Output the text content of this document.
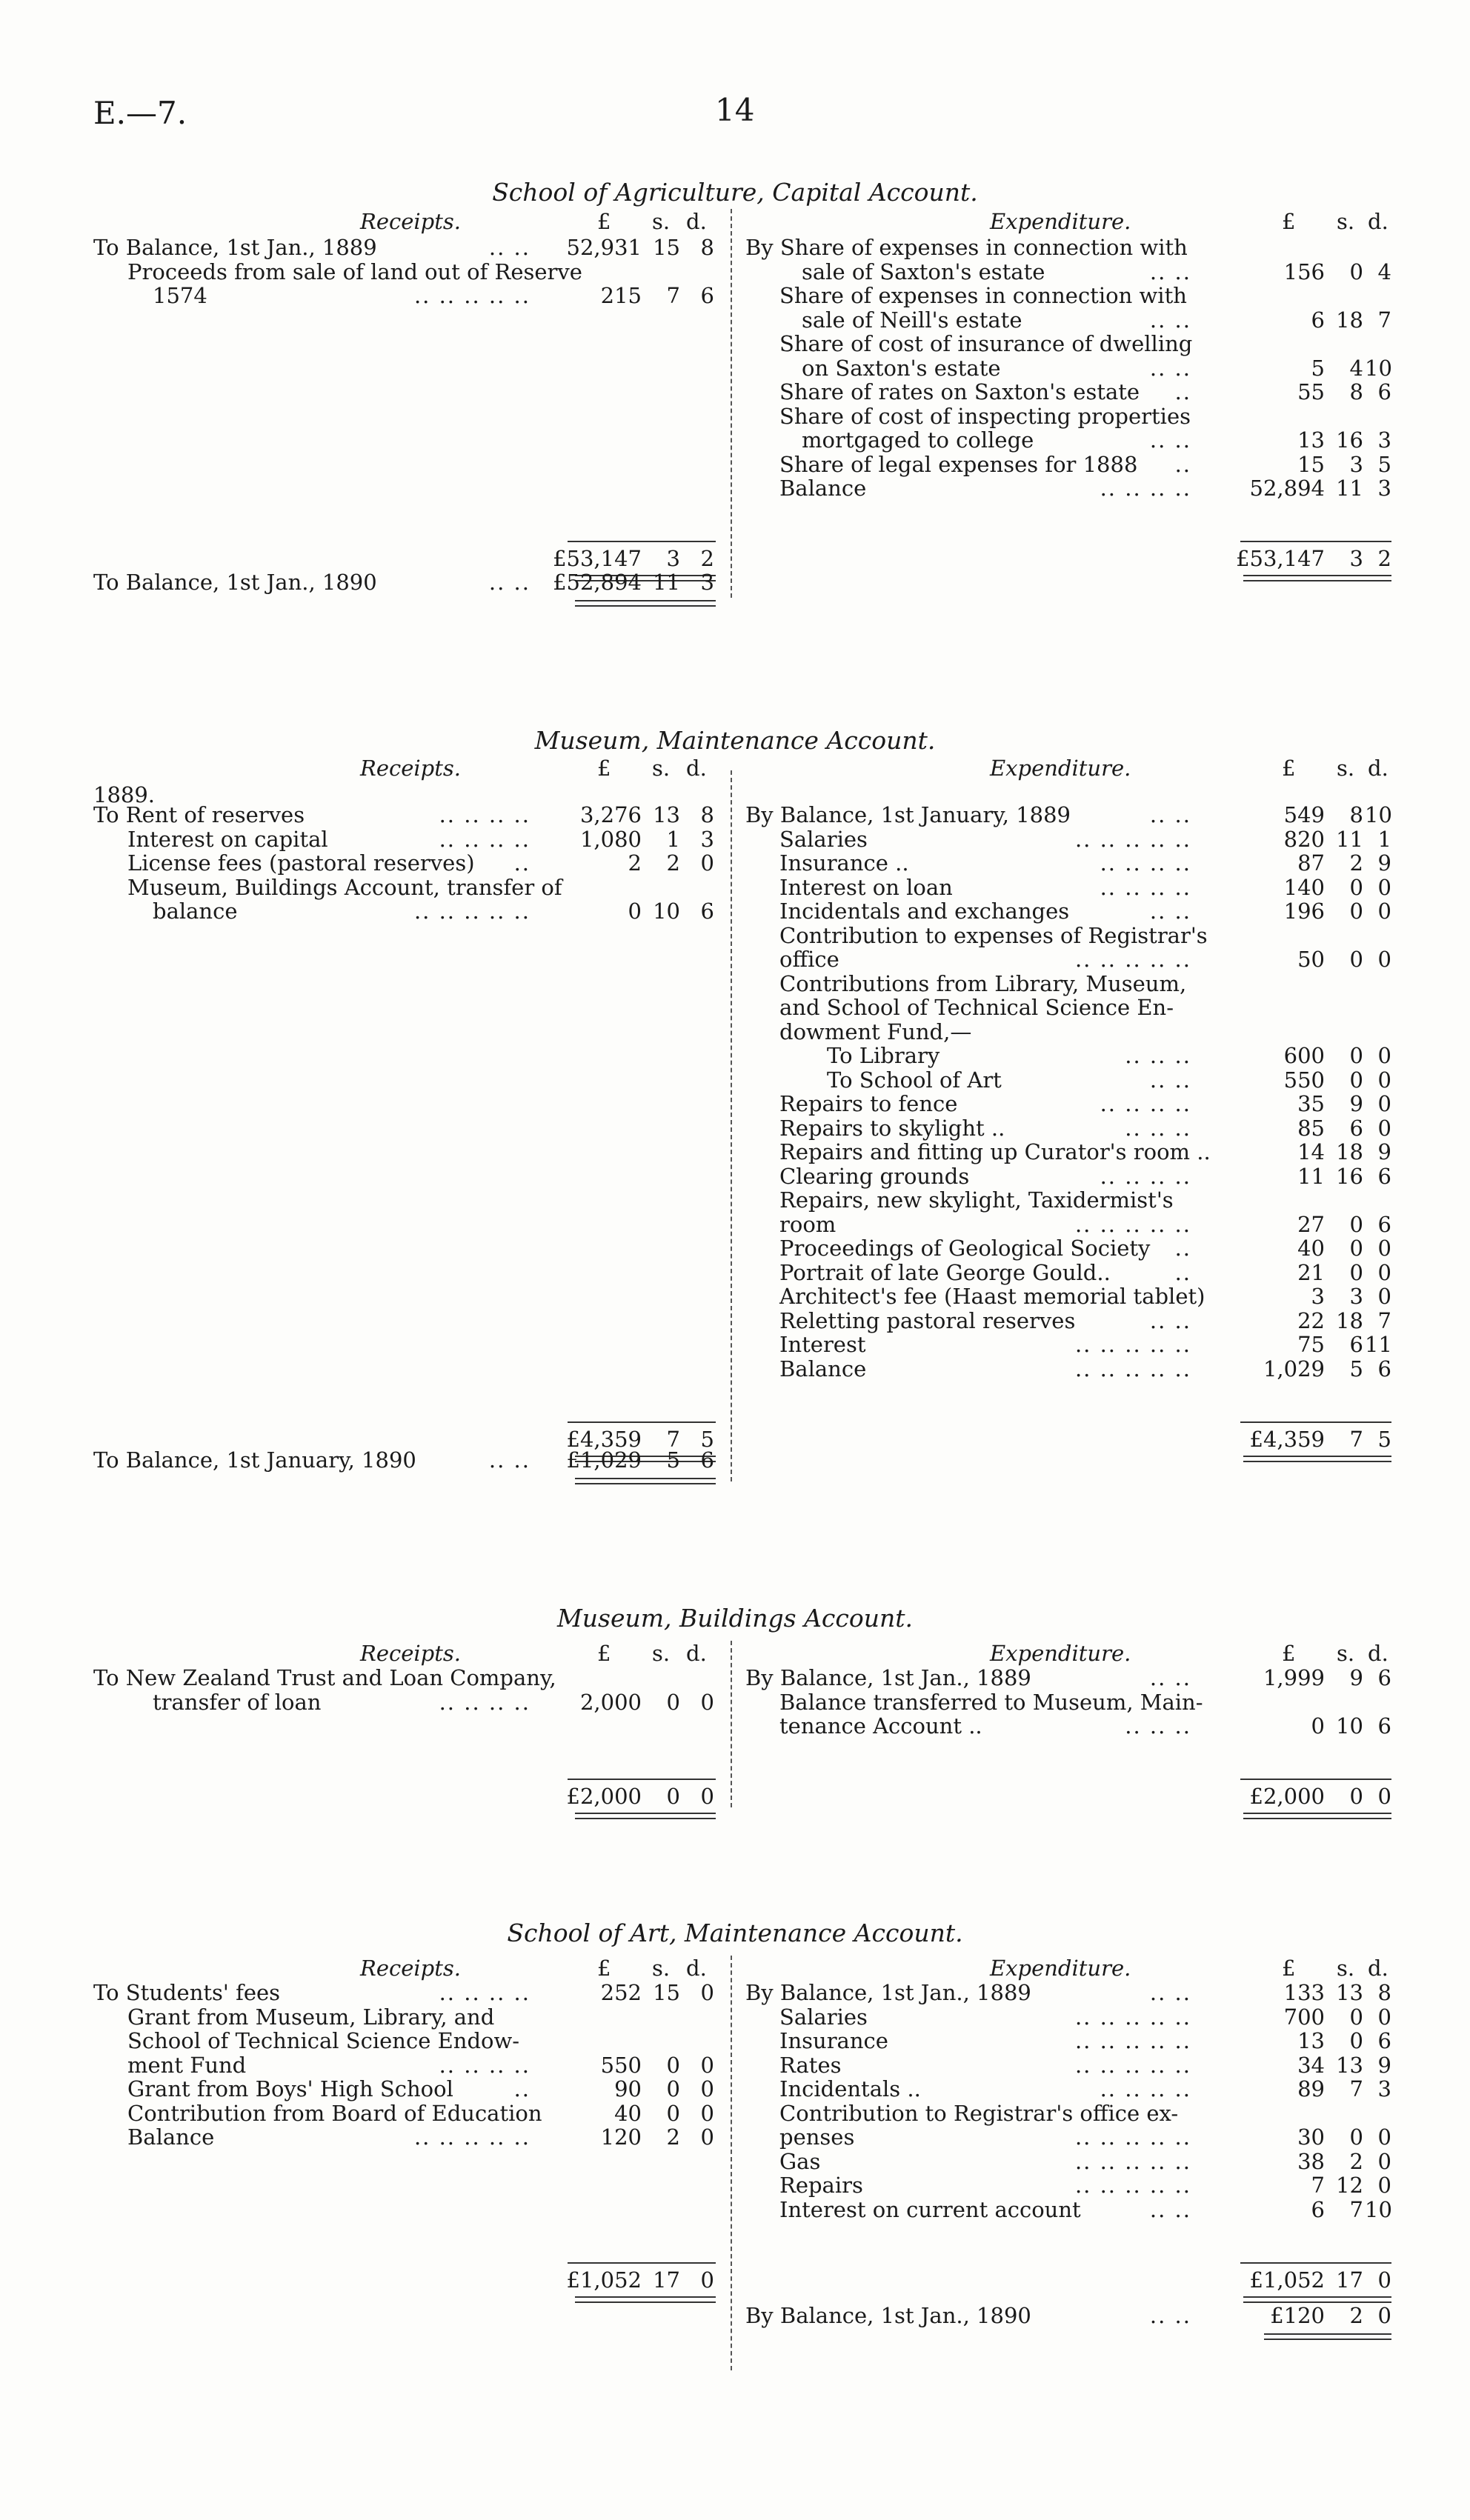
E.—7.	14
School of Agriculture, Capital Account.
Receipts.	£ s. d.
To Balance, 1st Jan., 1889	.. ..	52,931 15 8
Proceeds from sale of land out of Reserve
1574	.. .. .. .. ..	215	7 6
£53,147	3 2
To Balance, 1st Jan., 1890	.. ..	£52,894 11 3
Expenditure.	£ s. d.
By Share of expenses in connection with
sale of Saxton's estate	.. ..	156	0 4
Share of expenses in connection with
sale of Neill's estate	.. ..	6 18 7
Share of cost of insurance of dwelling
on Saxton's estate	.. ..	5	4 10
Share of rates on Saxton's estate ..	55	8 6
Share of cost of inspecting properties
mortgaged to college	.. ..	13 16 3
Share of legal expenses for 1888 ..	15	3 5
Balance	.. .. .. ..	52,894 11 3
£53,147	3 2
Museum, Maintenance Account.
Receipts.	£ s. d.
1889.
To Rent of reserves	.. .. .. ..	3,276 13 8
Interest on capital	.. .. .. ..	1,080	1 3
License fees (pastoral reserves) ..	2	2 0
Museum, Buildings Account, transfer of
balance	.. .. .. .. ..	0 10 6
£4,359	7 5
To Balance, 1st January, 1890	.. ..	£1,029	5 6
Expenditure.	£ s. d.
By Balance, 1st January, 1889	.. ..	549	8 10
Salaries	.. .. .. .. ..	820 11 1
Insurance ..	.. .. .. ..	87	2 9
Interest on loan	.. .. .. ..	140	0 0
Incidentals and exchanges	.. ..	196	0 0
Contribution to expenses of Registrar's
office	.. .. .. .. ..	50	0 0
Contributions from Library, Museum,
and School of Technical Science En-
dowment Fund,—
To Library	.. .. ..	600	0 0
To School of Art	.. ..	550	0 0
Repairs to fence	.. .. .. ..	35	9 0
Repairs to skylight ..	.. .. ..	85	6 0
Repairs and fitting up Curator's room ..	14 18 9
Clearing grounds	.. .. .. ..	11 16 6
Repairs, new skylight, Taxidermist's
room	.. .. .. .. ..	27	0 6
Proceedings of Geological Society ..	40	0 0
Portrait of late George Gould..	..	21	0 0
Architect's fee (Haast memorial tablet)	3	3 0
Reletting pastoral reserves	.. ..	22 18 7
Interest	.. .. .. .. ..	75	6 11
Balance	.. .. .. .. ..	1,029	5 6
£4,359	7 5
Museum, Buildings Account.
Receipts.	£ s. d.
To New Zealand Trust and Loan Company,
transfer of loan	.. .. .. ..	2,000	0 0
£2,000	0 0
Expenditure.	£ s. d.
By Balance, 1st Jan., 1889	.. ..	1,999	9 6
Balance transferred to Museum, Main-
tenance Account ..	.. .. ..	0 10 6
£2,000	0 0
School of Art, Maintenance Account.
Receipts.	£ s. d.
To Students' fees	.. .. .. ..	252 15 0
Grant from Museum, Library, and
School of Technical Science Endow-
ment Fund	.. .. .. ..	550	0 0
Grant from Boys' High School	..	90	0 0
Contribution from Board of Education	40	0 0
Balance	.. .. .. .. ..	120	2 0
£1,052 17 0
Expenditure.	£ s. d.
By Balance, 1st Jan., 1889	.. ..	133 13 8
Salaries	.. .. .. .. ..	700	0 0
Insurance	.. .. .. .. ..	13	0 6
Rates	.. .. .. .. ..	34 13 9
Incidentals ..	.. .. .. ..	89	7 3
Contribution to Registrar's office ex-
penses	.. .. .. .. ..	30	0 0
Gas	.. .. .. .. ..	38	2 0
Repairs	.. .. .. .. ..	7 12 0
Interest on current account	.. ..	6	7 10
£1,052 17 0
By Balance, 1st Jan., 1890	.. ..	£120	2 0
